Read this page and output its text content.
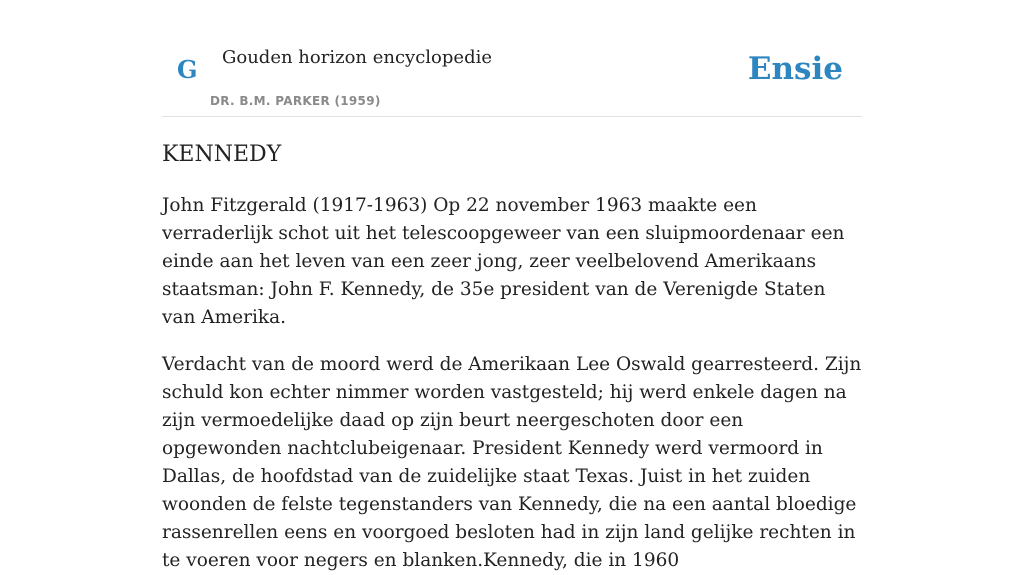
G Gouden horizon encyclopedie
DR. B.M. PARKER (1959)
Ensie
KENNEDY

John Fitzgerald (1917-1963) Op 22 november 1963 maakte een verraderlijk schot uit het telescoopgeweer van een sluipmoordenaar een einde aan het leven van een zeer jong, zeer veelbelovend Amerikaans staatsman: John F. Kennedy, de 35e president van de Verenigde Staten van Amerika.

Verdacht van de moord werd de Amerikaan Lee Oswald gearresteerd. Zijn schuld kon echter nimmer worden vastgesteld; hij werd enkele dagen na zijn vermoedelijke daad op zijn beurt neergeschoten door een opgewonden nachtclubeigenaar. President Kennedy werd vermoord in Dallas, de hoofdstad van de zuidelijke staat Texas. Juist in het zuiden woonden de felste tegenstanders van Kennedy, die na een aantal bloedige rassenrellen eens en voorgoed besloten had in zijn land gelijke rechten in te voeren voor negers en blanken.Kennedy, die in 1960
